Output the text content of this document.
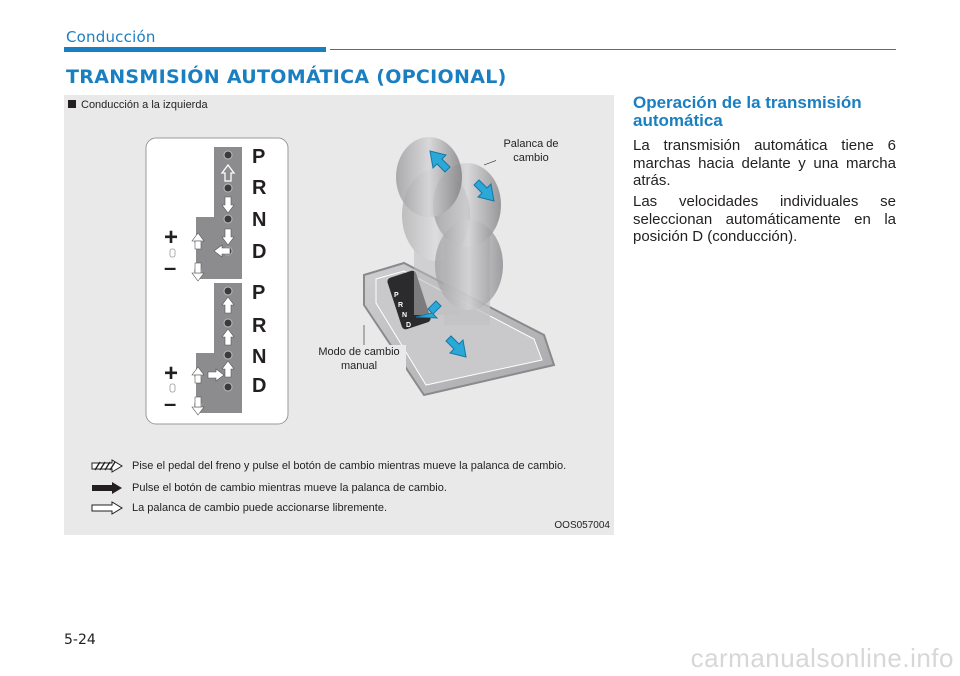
Conducción
TRANSMISIÓN AUTOMÁTICA (OPCIONAL)
Conducción a la izquierda
P
R
N
D
P
R
N
D
+
–
+
–
P
R
N
D
Palanca de cambio
Modo de cambio manual
Pise el pedal del freno y pulse el botón de cambio mientras mueve la palanca de cambio.
Pulse el botón de cambio mientras mueve la palanca de cambio.
La palanca de cambio puede accionarse libremente.
OOS057004
Operación de la transmisión automática

La transmisión automática tiene 6 marchas hacia delante y una marcha atrás.

Las velocidades individuales se seleccionan automáticamente en la posición D (conducción).

5-24
carmanualsonline.info
